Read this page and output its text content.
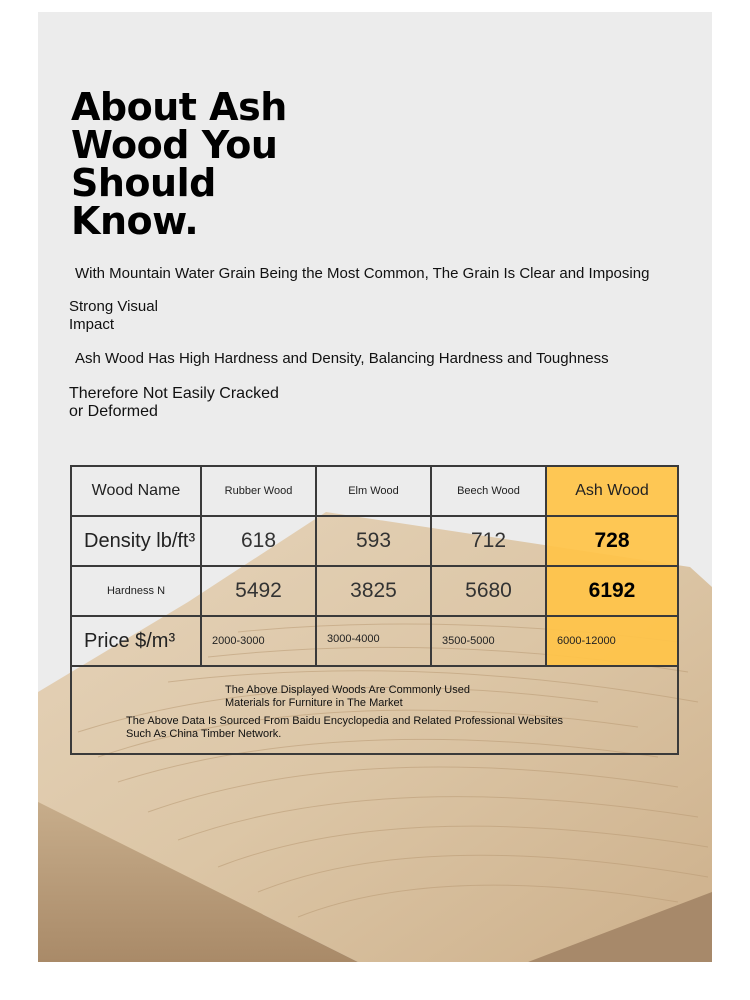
About Ash
Wood You
Should
Know.
With Mountain Water Grain Being the Most Common, The Grain Is Clear and Imposing
Strong Visual
Impact
Ash Wood Has High Hardness and Density, Balancing Hardness and Toughness
Therefore Not Easily Cracked
or Deformed
Wood Name	Rubber Wood	Elm Wood	Beech Wood	Ash Wood
Density lb/ft³	618	593	712	728
Hardness N	5492	3825	5680	6192
Price $/m³	2000-3000	3000-4000	3500-5000	6000-12000
The Above Displayed Woods Are Commonly Used
Materials for Furniture in The Market
The Above Data Is Sourced From Baidu Encyclopedia and Related Professional Websites
Such As China Timber Network.
